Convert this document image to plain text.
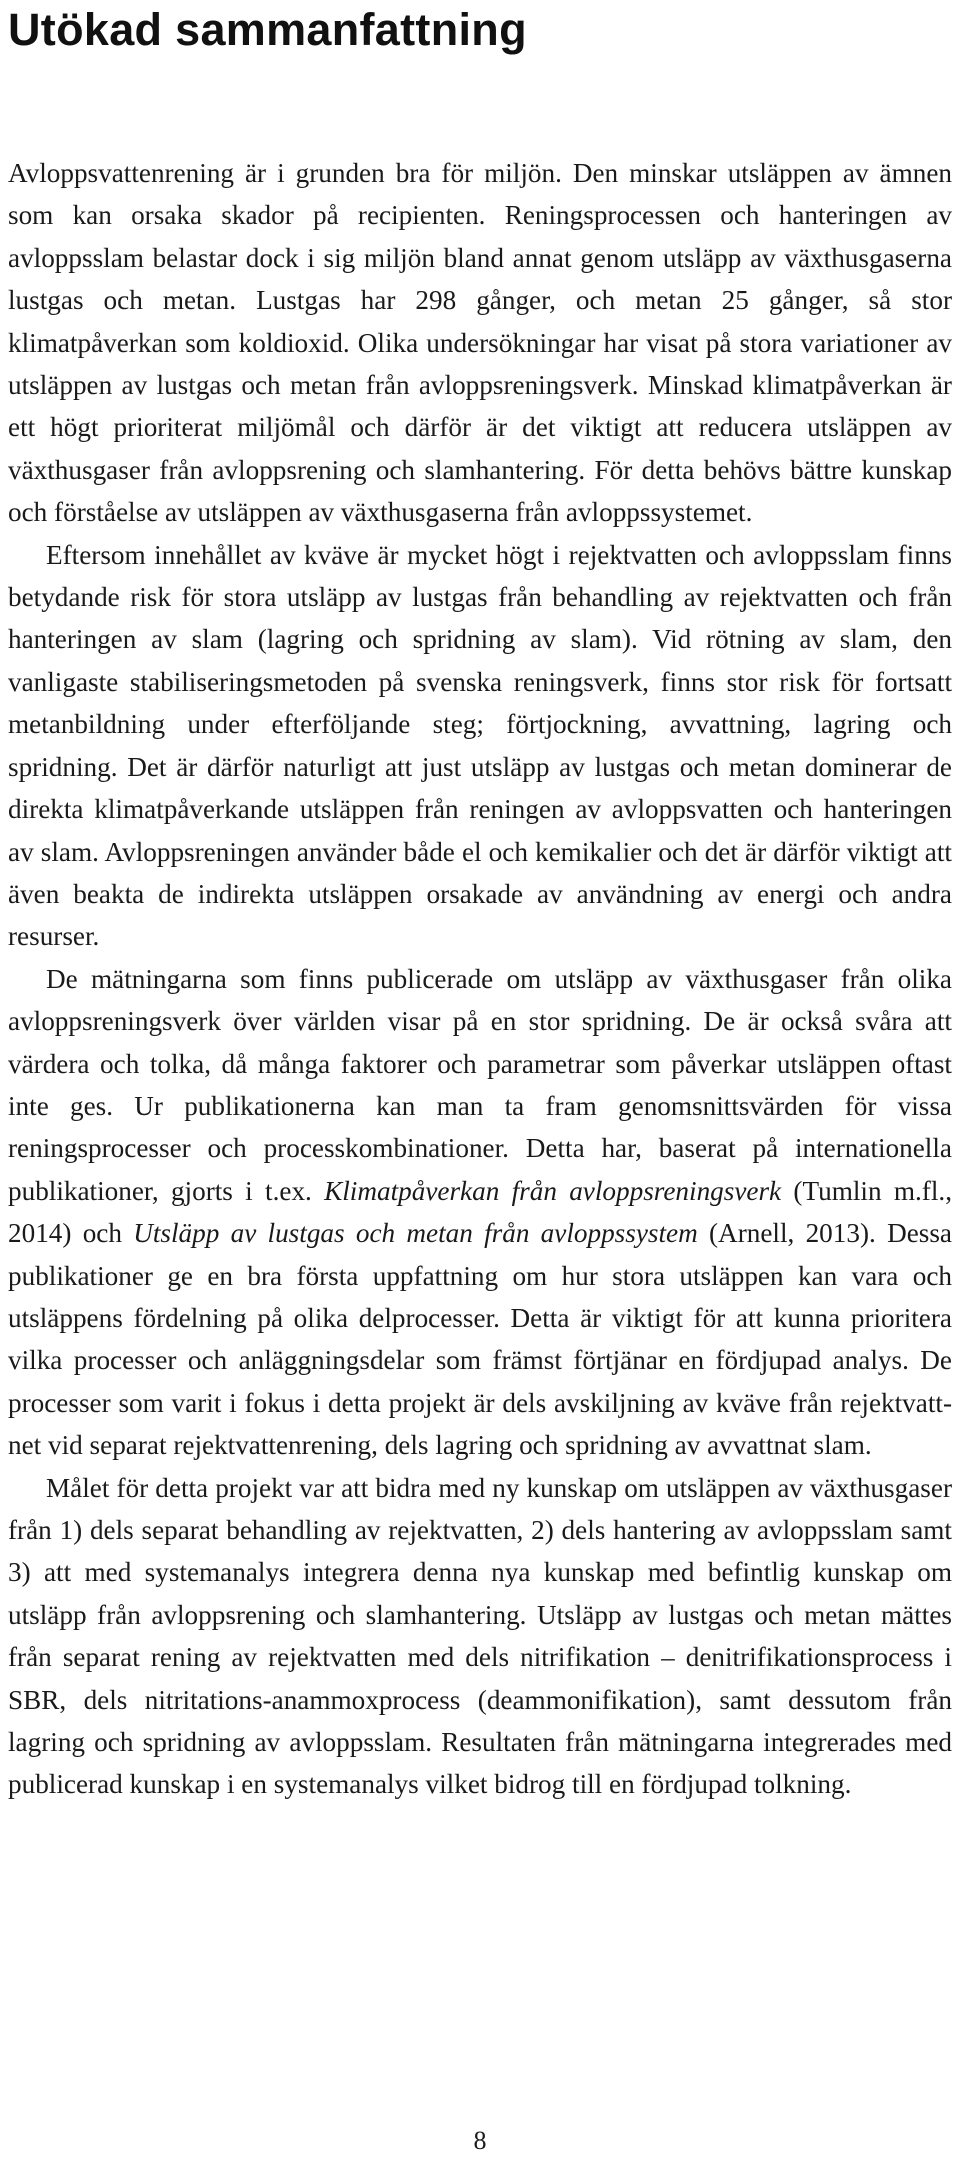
Utökad sammanfattning

Avloppsvattenrening är i grunden bra för miljön. Den minskar utsläppen av ämnen som kan orsaka skador på recipienten. Reningsprocessen och hanteringen av avloppsslam belastar dock i sig miljön bland annat genom utsläpp av växthusgaserna lustgas och metan. Lustgas har 298 gånger, och metan 25 gånger, så stor klimatpåverkan som koldioxid. Olika undersökningar har visat på stora variationer av utsläppen av lustgas och metan från avloppsreningsverk. Minskad klimatpåverkan är ett högt prioriterat miljömål och därför är det viktigt att reducera utsläppen av växthusgaser från avloppsrening och slamhantering. För detta behövs bättre kunskap och förståelse av utsläppen av växthusgaserna från avloppssystemet.

Eftersom innehållet av kväve är mycket högt i rejektvatten och avloppsslam finns betydande risk för stora utsläpp av lustgas från behandling av rejektvatten och från hanteringen av slam (lagring och spridning av slam). Vid rötning av slam, den vanligaste stabiliseringsmetoden på svenska reningsverk, finns stor risk för fortsatt metanbildning under efterföljande steg; förtjockning, avvattning, lagring och spridning. Det är därför naturligt att just utsläpp av lustgas och metan dominerar de direkta klimatpåverkande utsläppen från reningen av avloppsvatten och hanteringen av slam. Avloppsreningen använder både el och kemikalier och det är därför viktigt att även beakta de indirekta utsläppen orsakade av användning av energi och andra resurser.

De mätningarna som finns publicerade om utsläpp av växthusgaser från olika avloppsreningsverk över världen visar på en stor spridning. De är också svåra att värdera och tolka, då många faktorer och parametrar som påverkar utsläppen oftast inte ges. Ur publikationerna kan man ta fram genomsnittsvärden för vissa reningsprocesser och processkombinationer. Detta har, baserat på internationella publikationer, gjorts i t.ex. Klimatpåverkan från avloppsreningsverk (Tumlin m.fl., 2014) och Utsläpp av lustgas och metan från avloppssystem (Arnell, 2013). Dessa publikationer ge en bra första uppfattning om hur stora utsläppen kan vara och utsläppens fördelning på olika delprocesser. Detta är viktigt för att kunna prioritera vilka processer och anläggningsdelar som främst förtjänar en fördjupad analys. De processer som varit i fokus i detta projekt är dels avskiljning av kväve från rejektvattnet vid separat rejektvattenrening, dels lagring och spridning av avvattnat slam.

Målet för detta projekt var att bidra med ny kunskap om utsläppen av växthusgaser från 1) dels separat behandling av rejektvatten, 2) dels hantering av avloppsslam samt 3) att med systemanalys integrera denna nya kunskap med befintlig kunskap om utsläpp från avloppsrening och slamhantering. Utsläpp av lustgas och metan mättes från separat rening av rejektvatten med dels nitrifikation – denitrifikationsprocess i SBR, dels nitritations-anammoxprocess (deammonifikation), samt dessutom från lagring och spridning av avloppsslam. Resultaten från mätningarna integrerades med publicerad kunskap i en systemanalys vilket bidrog till en fördjupad tolkning.

8
